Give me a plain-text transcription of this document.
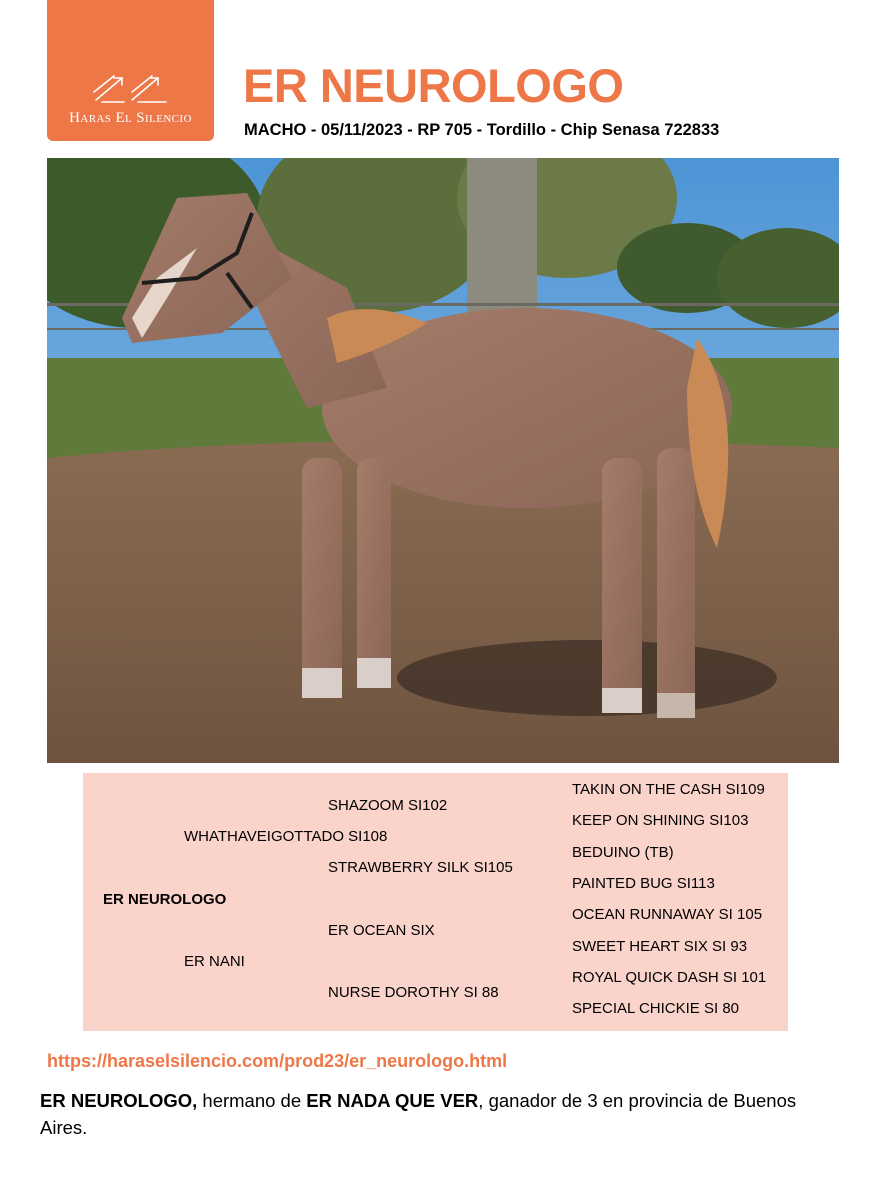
Haras El Silencio
ER NEUROLOGO
MACHO - 05/11/2023 - RP 705 - Tordillo - Chip Senasa 722833
ER NEUROLOGO
WHATHAVEIGOTTADO SI108
ER NANI
SHAZOOM SI102
STRAWBERRY SILK SI105
ER OCEAN SIX
NURSE DOROTHY SI 88
TAKIN ON THE CASH SI109
KEEP ON SHINING SI103
BEDUINO (TB)
PAINTED BUG SI113
OCEAN RUNNAWAY SI 105
SWEET HEART SIX SI 93
ROYAL QUICK DASH SI 101
SPECIAL CHICKIE SI 80
https://haraselsilencio.com/prod23/er_neurologo.html
ER NEUROLOGO, hermano de ER NADA QUE VER, ganador de 3 en provincia de Buenos Aires.
